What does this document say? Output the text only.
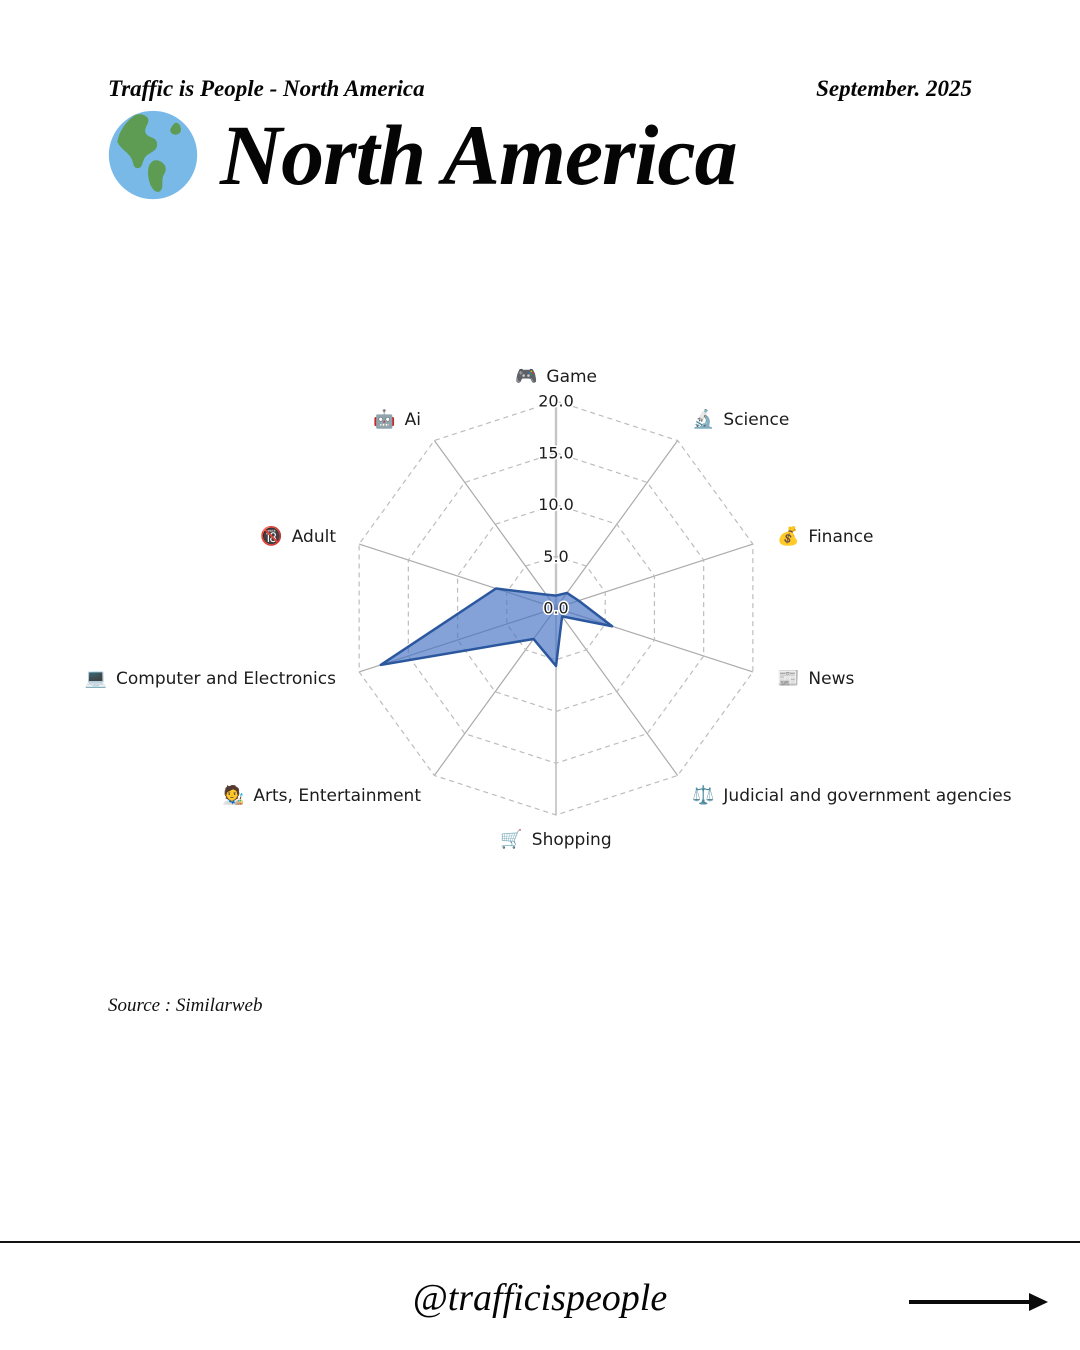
Traffic is People - North America	September. 2025
North America
0.0
5.0
10.0
15.0
20.0
🎮 Game
🔬 Science
💰 Finance
📰 News
⚖️ Judicial and government agencies
🛒 Shopping
🧑‍🎨 Arts, Entertainment
💻 Computer and Electronics
🔞 Adult
🤖 Ai

Source : Similarweb

@trafficispeople
